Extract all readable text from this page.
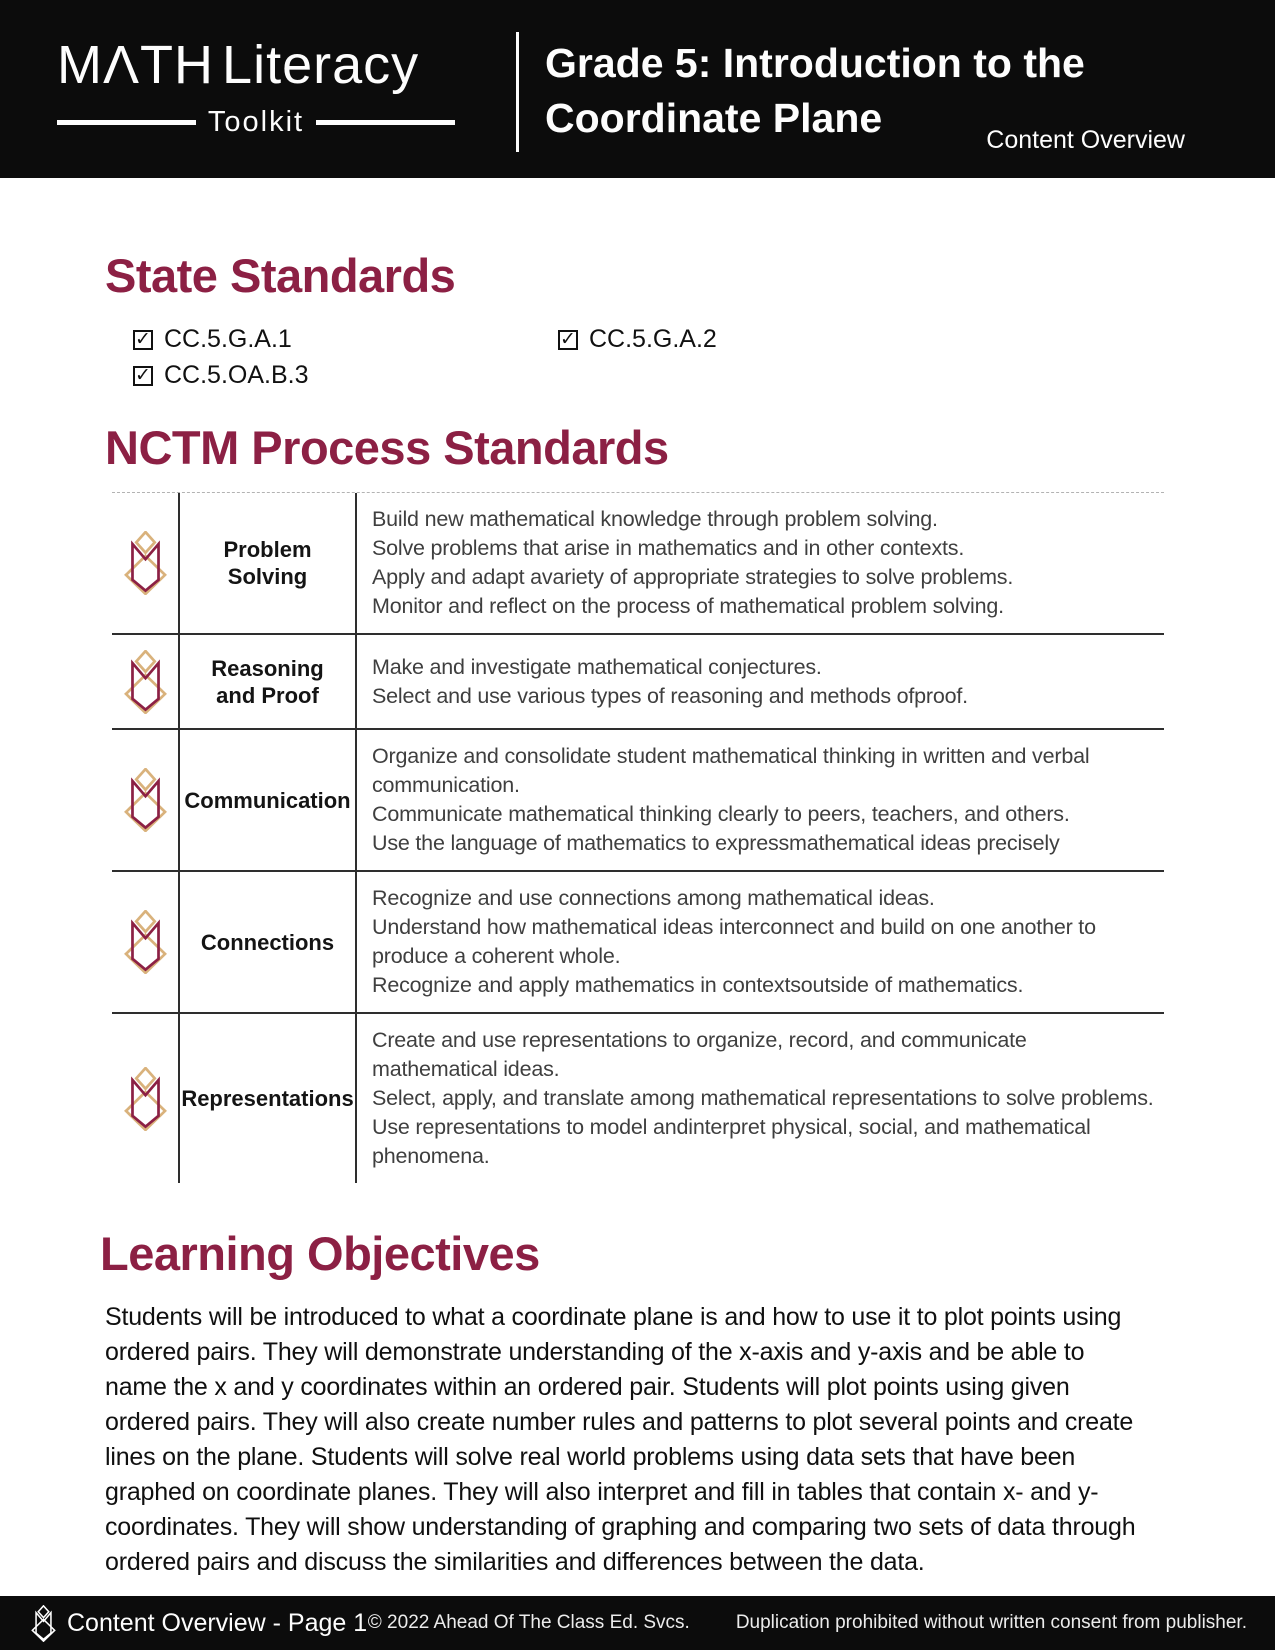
MΛTH Literacy
Toolkit
Grade 5: Introduction to the
Coordinate Plane	Content Overview
State Standards
✓ CC.5.G.A.1
✓ CC.5.OA.B.3
✓ CC.5.G.A.2
NCTM Process Standards
Problem Solving
Build new mathematical knowledge through problem solving.
Solve problems that arise in mathematics and in other contexts.
Apply and adapt avariety of appropriate strategies to solve problems.
Monitor and reflect on the process of mathematical problem solving.
Reasoning and Proof
Make and investigate mathematical conjectures.
Select and use various types of reasoning and methods ofproof.
Communication
Organize and consolidate student mathematical thinking in written and verbal communication.
Communicate mathematical thinking clearly to peers, teachers, and others.
Use the language of mathematics to expressmathematical ideas precisely
Connections
Recognize and use connections among mathematical ideas.
Understand how mathematical ideas interconnect and build on one another to produce a coherent whole.
Recognize and apply mathematics in contextsoutside of mathematics.
Representations
Create and use representations to organize, record, and communicate mathematical ideas.
Select, apply, and translate among mathematical representations to solve problems.
Use representations to model andinterpret physical, social, and mathematical phenomena.
Learning Objectives
Students will be introduced to what a coordinate plane is and how to use it to plot points using ordered pairs. They will demonstrate understanding of the x-axis and y-axis and be able to name the x and y coordinates within an ordered pair. Students will plot points using given ordered pairs. They will also create number rules and patterns to plot several points and create lines on the plane. Students will solve real world problems using data sets that have been graphed on coordinate planes. They will also interpret and fill in tables that contain x- and y- coordinates. They will show understanding of graphing and comparing two sets of data through ordered pairs and discuss the similarities and differences between the data.
Content Overview - Page 1 © 2022 Ahead Of The Class Ed. Svcs. Duplication prohibited without written consent from publisher.
